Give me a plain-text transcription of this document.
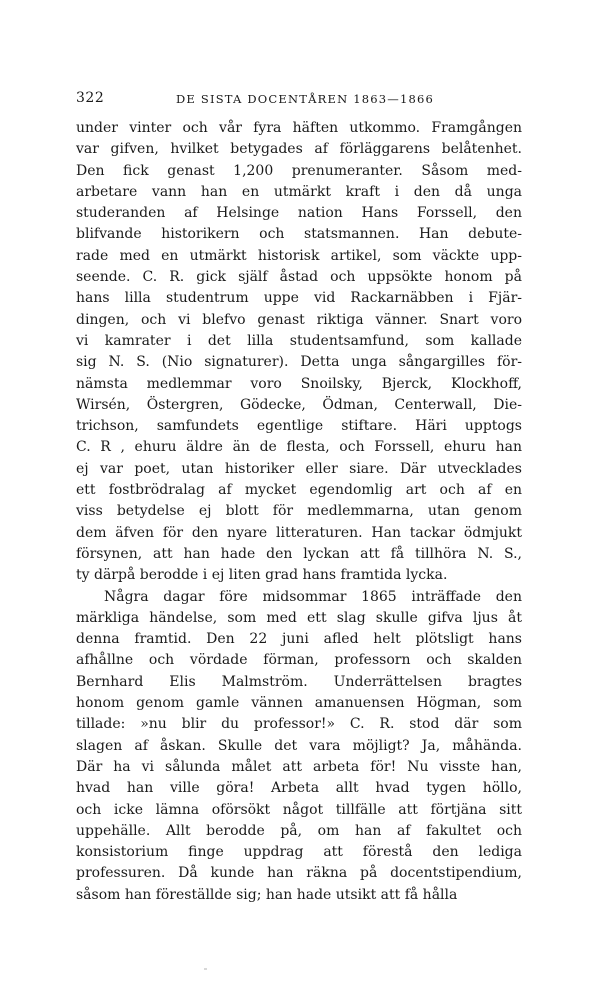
322	DE SISTA DOCENTÅREN 1863—1866
under vinter och vår fyra häften utkommo. Framgången
var gifven, hvilket betygades af förläggarens belåtenhet.
Den fick genast 1,200 prenumeranter. Såsom med-
arbetare vann han en utmärkt kraft i den då unga
studeranden af Helsinge nation Hans Forssell, den
blifvande historikern och statsmannen. Han debute-
rade med en utmärkt historisk artikel, som väckte upp-
seende. C. R. gick själf åstad och uppsökte honom på
hans lilla studentrum uppe vid Rackarnäbben i Fjär-
dingen, och vi blefvo genast riktiga vänner. Snart voro
vi kamrater i det lilla studentsamfund, som kallade
sig N. S. (Nio signaturer). Detta unga sångargilles för-
nämsta medlemmar voro Snoilsky, Bjerck, Klockhoff,
Wirsén, Östergren, Gödecke, Ödman, Centerwall, Die-
trichson, samfundets egentlige stiftare. Häri upptogs
C. R , ehuru äldre än de flesta, och Forssell, ehuru han
ej var poet, utan historiker eller siare. Där utvecklades
ett fostbrödralag af mycket egendomlig art och af en
viss betydelse ej blott för medlemmarna, utan genom
dem äfven för den nyare litteraturen. Han tackar ödmjukt
försynen, att han hade den lyckan att få tillhöra N. S.,
ty därpå berodde i ej liten grad hans framtida lycka.
Några dagar före midsommar 1865 inträffade den
märkliga händelse, som med ett slag skulle gifva ljus åt
denna framtid. Den 22 juni afled helt plötsligt hans
afhållne och vördade förman, professorn och skalden
Bernhard Elis Malmström. Underrättelsen bragtes
honom genom gamle vännen amanuensen Högman, som
tillade: »nu blir du professor!» C. R. stod där som
slagen af åskan. Skulle det vara möjligt? Ja, måhända.
Där ha vi sålunda målet att arbeta för! Nu visste han,
hvad han ville göra! Arbeta allt hvad tygen höllo,
och icke lämna oförsökt något tillfälle att förtjäna sitt
uppehälle. Allt berodde på, om han af fakultet och
konsistorium finge uppdrag att förestå den lediga
professuren. Då kunde han räkna på docentstipendium,
såsom han föreställde sig; han hade utsikt att få hålla
